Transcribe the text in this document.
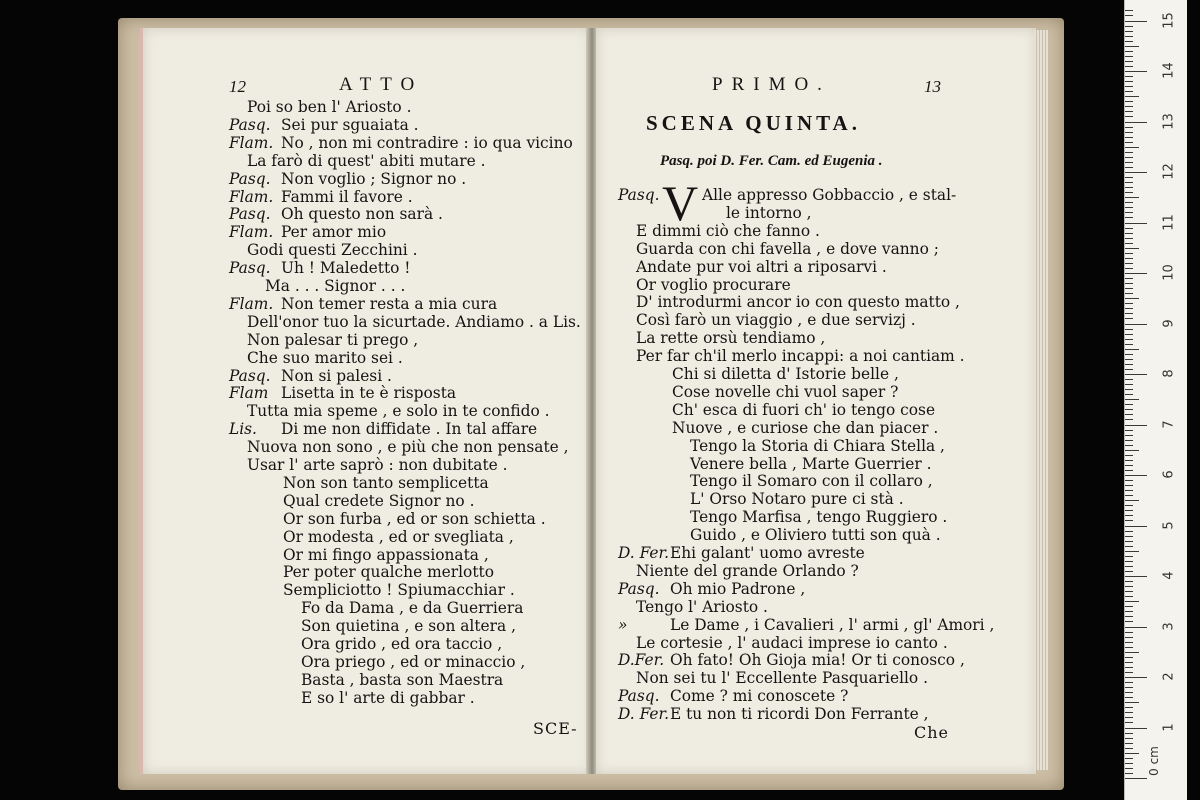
12	ATTO
Poi so ben l' Ariosto .
Pasq. Sei pur sguaiata .
Flam. No , non mi contradire : io qua vicino
La farò di quest' abiti mutare .
Pasq. Non voglio ; Signor no .
Flam. Fammi il favore .
Pasq. Oh questo non sarà .
Flam. Per amor mio
Godi questi Zecchini .
Pasq. Uh ! Maledetto !
Ma . . . Signor . . .
Flam. Non temer resta a mia cura
Dell'onor tuo la sicurtade. Andiamo . a Lis.
Non palesar ti prego ,
Che suo marito sei .
Pasq. Non si palesi .
Flam Lisetta in te è risposta
Tutta mia speme , e solo in te confido .
Lis. Di me non diffidate . In tal affare
Nuova non sono , e più che non pensate ,
Usar l' arte saprò : non dubitate .
Non son tanto semplicetta
Qual credete Signor no .
Or son furba , ed or son schietta .
Or modesta , ed or svegliata ,
Or mi fingo appassionata ,
Per poter qualche merlotto
Sempliciotto ! Spiumacchiar .
Fo da Dama , e da Guerriera
Son quietina , e son altera ,
Ora grido , ed ora taccio ,
Ora priego , ed or minaccio ,
Basta , basta son Maestra
E so l' arte di gabbar .
SCE-
PRIMO.	13
SCENA QUINTA.
Pasq. poi D. Fer. Cam. ed Eugenia .
V
Pasq.	Alle appresso Gobbaccio , e stal-
le intorno ,
E dimmi ciò che fanno .
Guarda con chi favella , e dove vanno ;
Andate pur voi altri a riposarvi .
Or voglio procurare
D' introdurmi ancor io con questo matto ,
Così farò un viaggio , e due servizj .
La rette orsù tendiamo ,
Per far ch'il merlo incappi: a noi cantiam .
Chi si diletta d' Istorie belle ,
Cose novelle chi vuol saper ?
Ch' esca di fuori ch' io tengo cose
Nuove , e curiose che dan piacer .
Tengo la Storia di Chiara Stella ,
Venere bella , Marte Guerrier .
Tengo il Somaro con il collaro ,
L' Orso Notaro pure ci stà .
Tengo Marfisa , tengo Ruggiero .
Guido , e Oliviero tutti son quà .
D. Fer.Ehi galant' uomo avreste
Niente del grande Orlando ?
Pasq. Oh mio Padrone ,
Tengo l' Ariosto .
»	Le Dame , i Cavalieri , l' armi , gl' Amori ,
Le cortesie , l' audaci imprese io canto .
D.Fer. Oh fato! Oh Gioja mia! Or ti conosco ,
Non sei tu l' Eccellente Pasquariello .
Pasq. Come ? mi conoscete ?
D. Fer.E tu non ti ricordi Don Ferrante ,
Che
0 cm
1
2
3
4
5
6
7
8
9
10
11
12
13
14
15
